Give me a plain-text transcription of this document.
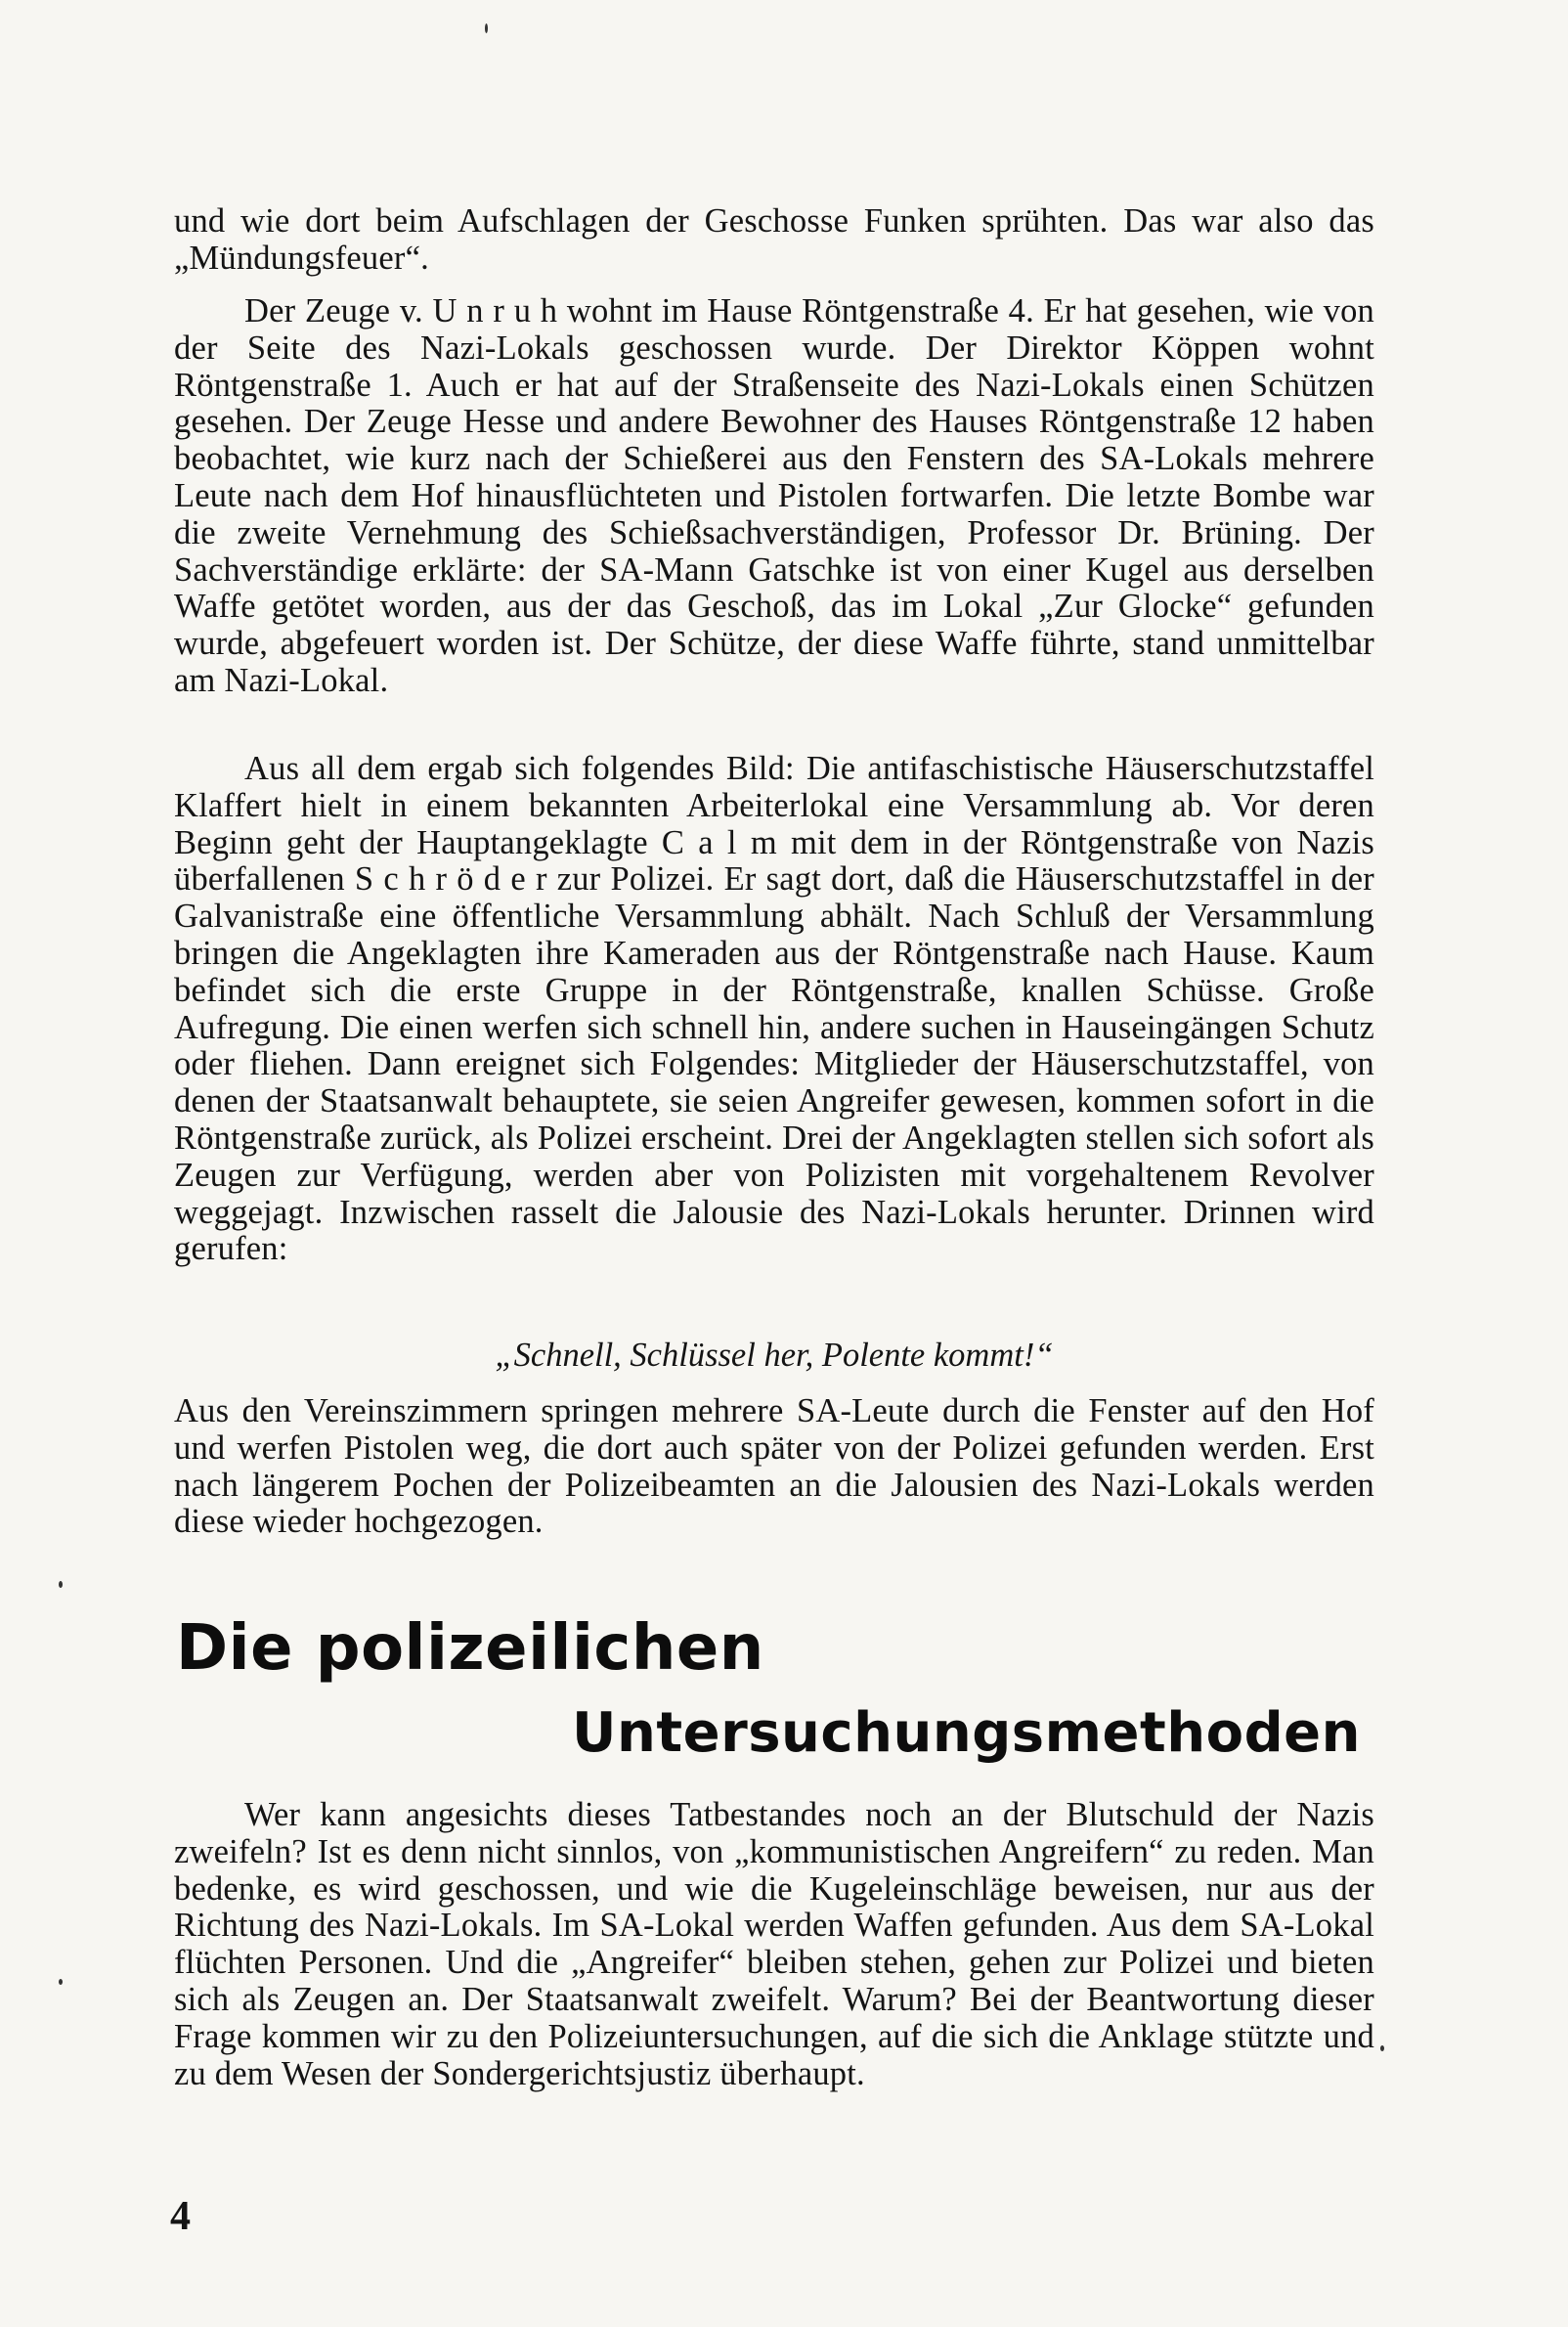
und wie dort beim Aufschlagen der Geschosse Funken sprühten. Das war also das „Mündungsfeuer“.

Der Zeuge v. U n r u h wohnt im Hause Röntgenstraße 4. Er hat gesehen, wie von der Seite des Nazi-Lokals geschossen wurde. Der Direktor Köppen wohnt Röntgenstraße 1. Auch er hat auf der Straßenseite des Nazi-Lokals einen Schützen gesehen. Der Zeuge Hesse und andere Bewohner des Hauses Röntgenstraße 12 haben beobachtet, wie kurz nach der Schießerei aus den Fenstern des SA-Lokals mehrere Leute nach dem Hof hinausflüchteten und Pistolen fortwarfen. Die letzte Bombe war die zweite Vernehmung des Schießsachverständigen, Professor Dr. Brüning. Der Sachverständige erklärte: der SA-Mann Gatschke ist von einer Kugel aus derselben Waffe getötet worden, aus der das Geschoß, das im Lokal „Zur Glocke“ gefunden wurde, abgefeuert worden ist. Der Schütze, der diese Waffe führte, stand unmittelbar am Nazi-Lokal.

Aus all dem ergab sich folgendes Bild: Die antifaschistische Häuserschutzstaffel Klaffert hielt in einem bekannten Arbeiterlokal eine Versammlung ab. Vor deren Beginn geht der Hauptangeklagte C a l m mit dem in der Röntgenstraße von Nazis überfallenen S c h r ö d e r zur Polizei. Er sagt dort, daß die Häuserschutzstaffel in der Galvanistraße eine öffentliche Versammlung abhält. Nach Schluß der Versammlung bringen die Angeklagten ihre Kameraden aus der Röntgenstraße nach Hause. Kaum befindet sich die erste Gruppe in der Röntgenstraße, knallen Schüsse. Große Aufregung. Die einen werfen sich schnell hin, andere suchen in Hauseingängen Schutz oder fliehen. Dann ereignet sich Folgendes: Mitglieder der Häuserschutzstaffel, von denen der Staatsanwalt behauptete, sie seien Angreifer gewesen, kommen sofort in die Röntgenstraße zurück, als Polizei erscheint. Drei der Angeklagten stellen sich sofort als Zeugen zur Verfügung, werden aber von Polizisten mit vorgehaltenem Revolver weggejagt. Inzwischen rasselt die Jalousie des Nazi-Lokals herunter. Drinnen wird gerufen:

„Schnell, Schlüssel her, Polente kommt!“

Aus den Vereinszimmern springen mehrere SA-Leute durch die Fenster auf den Hof und werfen Pistolen weg, die dort auch später von der Polizei gefunden werden. Erst nach längerem Pochen der Polizeibeamten an die Jalousien des Nazi-Lokals werden diese wieder hochgezogen.

Die polizeilichen
Untersuchungsmethoden

Wer kann angesichts dieses Tatbestandes noch an der Blutschuld der Nazis zweifeln? Ist es denn nicht sinnlos, von „kommunistischen Angreifern“ zu reden. Man bedenke, es wird geschossen, und wie die Kugeleinschläge beweisen, nur aus der Richtung des Nazi-Lokals. Im SA-Lokal werden Waffen gefunden. Aus dem SA-Lokal flüchten Personen. Und die „Angreifer“ bleiben stehen, gehen zur Polizei und bieten sich als Zeugen an. Der Staatsanwalt zweifelt. Warum? Bei der Beantwortung dieser Frage kommen wir zu den Polizeiuntersuchungen, auf die sich die Anklage stützte und zu dem Wesen der Sondergerichtsjustiz überhaupt.

4
